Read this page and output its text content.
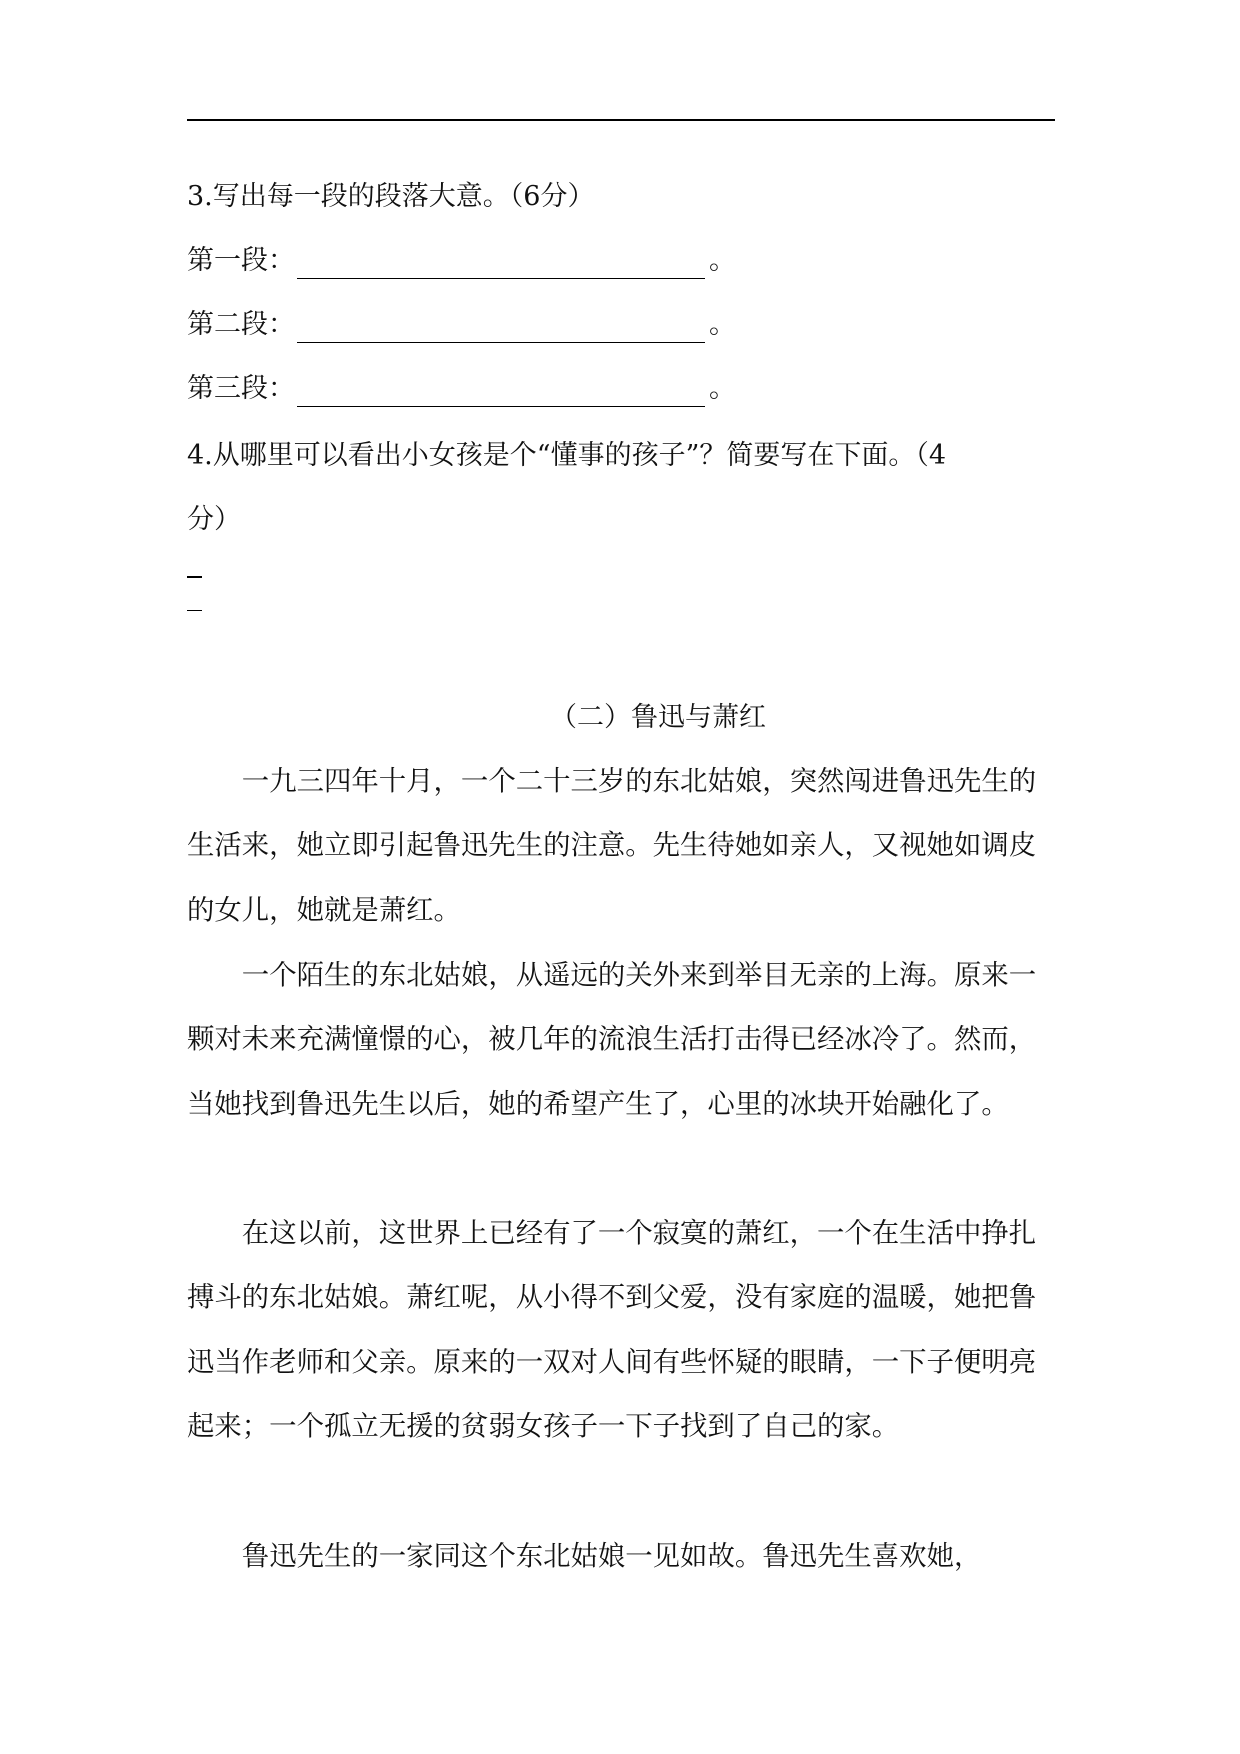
3.写出每一段的段落大意。（6分）
第一段：	。
第二段：	。
第三段：	。
4.从哪里可以看出小女孩是个“懂事的孩子”？简要写在下面。（4
分）
（二）鲁迅与萧红

一九三四年十月，一个二十三岁的东北姑娘，突然闯进鲁迅先生的生活来，她立即引起鲁迅先生的注意。先生待她如亲人，又视她如调皮的女儿，她就是萧红。

一个陌生的东北姑娘，从遥远的关外来到举目无亲的上海。原来一颗对未来充满憧憬的心，被几年的流浪生活打击得已经冰冷了。然而，当她找到鲁迅先生以后，她的希望产生了，心里的冰块开始融化了。

在这以前，这世界上已经有了一个寂寞的萧红，一个在生活中挣扎搏斗的东北姑娘。萧红呢，从小得不到父爱，没有家庭的温暖，她把鲁迅当作老师和父亲。原来的一双对人间有些怀疑的眼睛，一下子便明亮起来；一个孤立无援的贫弱女孩子一下子找到了自己的家。

鲁迅先生的一家同这个东北姑娘一见如故。鲁迅先生喜欢她，
